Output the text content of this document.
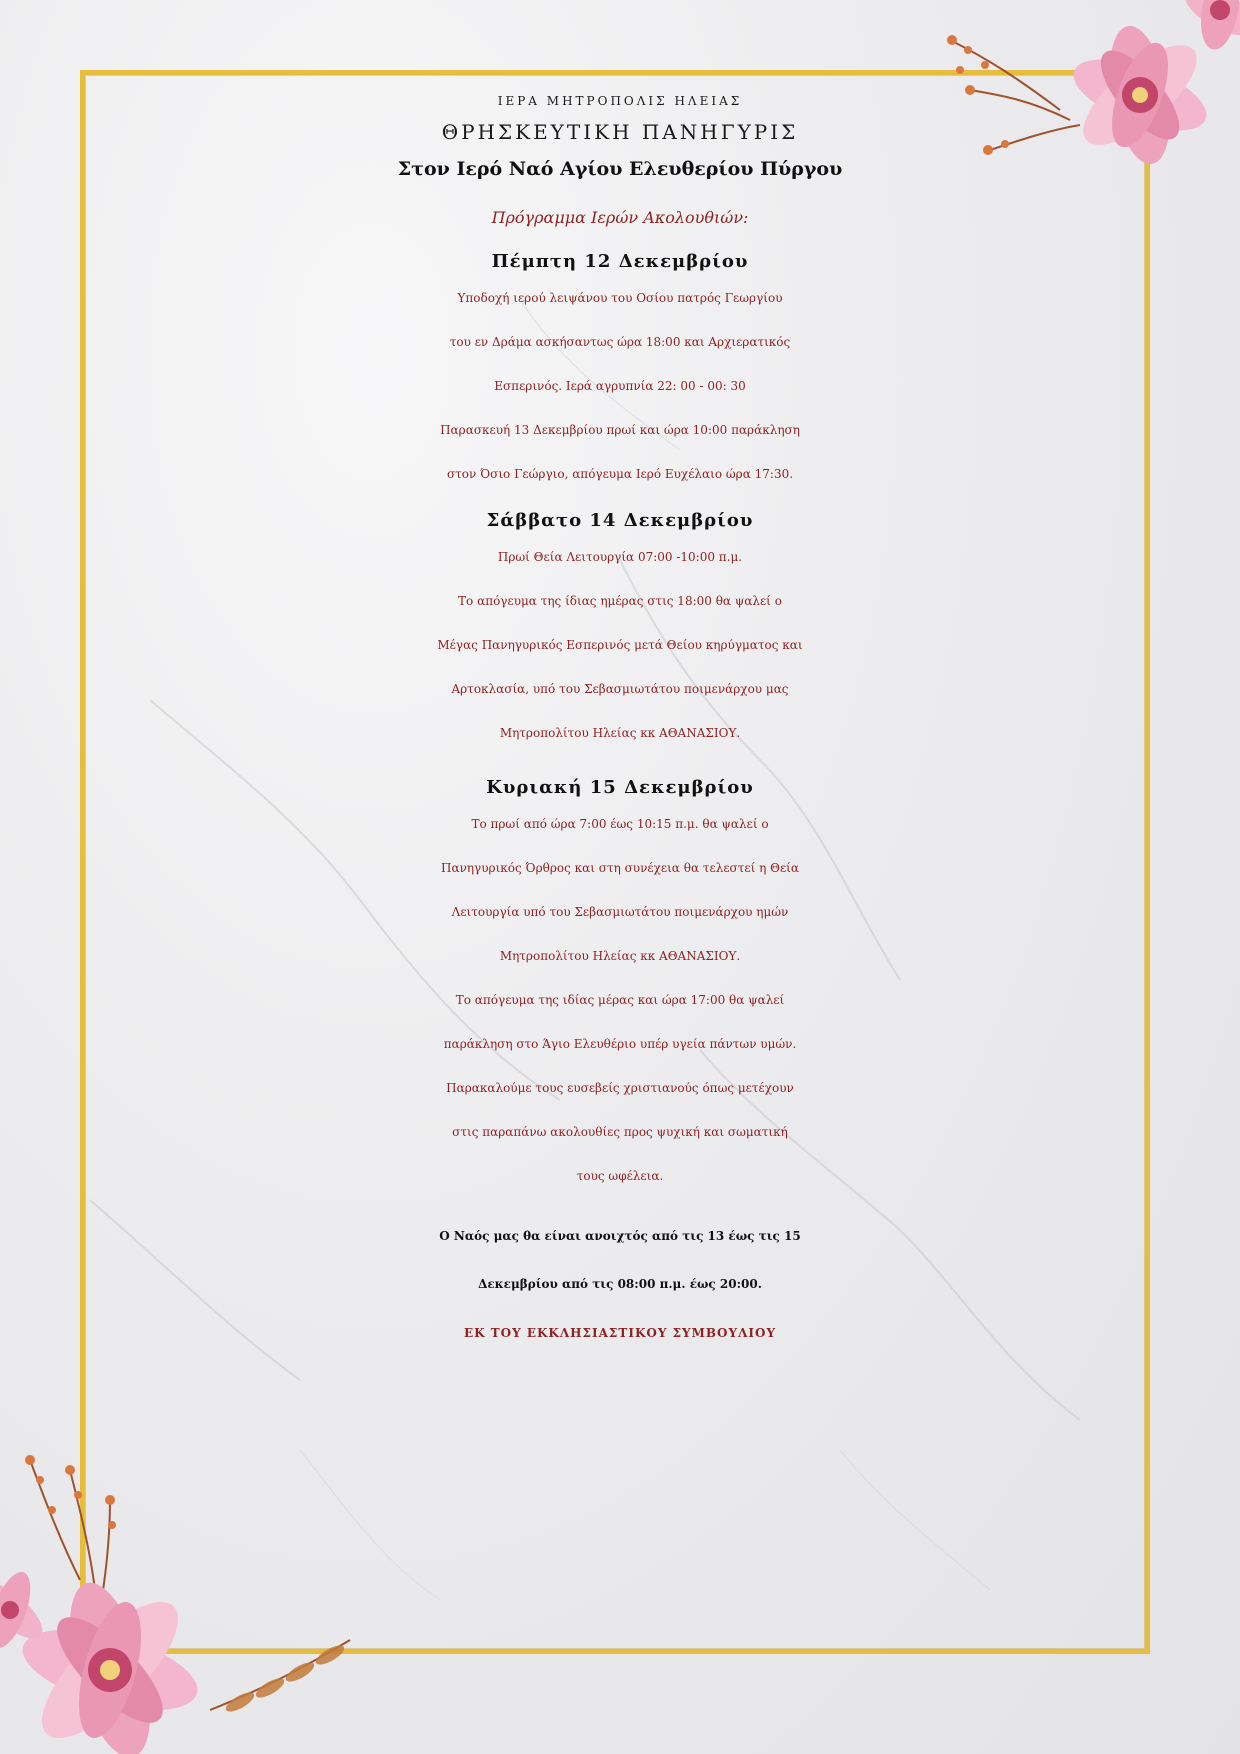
ΙΕΡΑ ΜΗΤΡΟΠΟΛΙΣ ΗΛΕΙΑΣ
ΘΡΗΣΚΕΥΤΙΚΗ ΠΑΝΗΓΥΡΙΣ
Στον Ιερό Ναό Αγίου Ελευθερίου Πύργου
Πρόγραμμα Ιερών Ακολουθιών:
Πέμπτη 12 Δεκεμβρίου
Υποδοχή ιερού λειψάνου του Οσίου πατρός Γεωργίου
του εν Δράμα ασκήσαντως ώρα 18:00 και Αρχιερατικός
Εσπερινός. Ιερά αγρυπνία 22: 00 - 00: 30
Παρασκευή 13 Δεκεμβρίου πρωί και ώρα 10:00 παράκληση
στον Όσιο Γεώργιο, απόγευμα Ιερό Ευχέλαιο ώρα 17:30.
Σάββατο 14 Δεκεμβρίου
Πρωί Θεία Λειτουργία 07:00 -10:00 π.μ.
Το απόγευμα της ίδιας ημέρας στις 18:00 θα ψαλεί ο
Μέγας Πανηγυρικός Εσπερινός μετά Θείου κηρύγματος και
Αρτοκλασία, υπό του Σεβασμιωτάτου ποιμενάρχου μας
Μητροπολίτου Ηλείας κκ ΑΘΑΝΑΣΙΟΥ.
Κυριακή 15 Δεκεμβρίου
Το πρωί από ώρα 7:00 έως 10:15 π.μ. θα ψαλεί ο
Πανηγυρικός Όρθρος και στη συνέχεια θα τελεστεί η Θεία
Λειτουργία υπό του Σεβασμιωτάτου ποιμενάρχου ημών
Μητροπολίτου Ηλείας κκ ΑΘΑΝΑΣΙΟΥ.
Το απόγευμα της ιδίας μέρας και ώρα 17:00 θα ψαλεί
παράκληση στο Άγιο Ελευθέριο υπέρ υγεία πάντων υμών.
Παρακαλούμε τους ευσεβείς χριστιανούς όπως μετέχουν
στις παραπάνω ακολουθίες προς ψυχική και σωματική
τους ωφέλεια.
Ο Ναός μας θα είναι ανοιχτός από τις 13 έως τις 15
Δεκεμβρίου από τις 08:00 π.μ. έως 20:00.
ΕΚ ΤΟΥ ΕΚΚΛΗΣΙΑΣΤΙΚΟΥ ΣΥΜΒΟΥΛΙΟΥ
